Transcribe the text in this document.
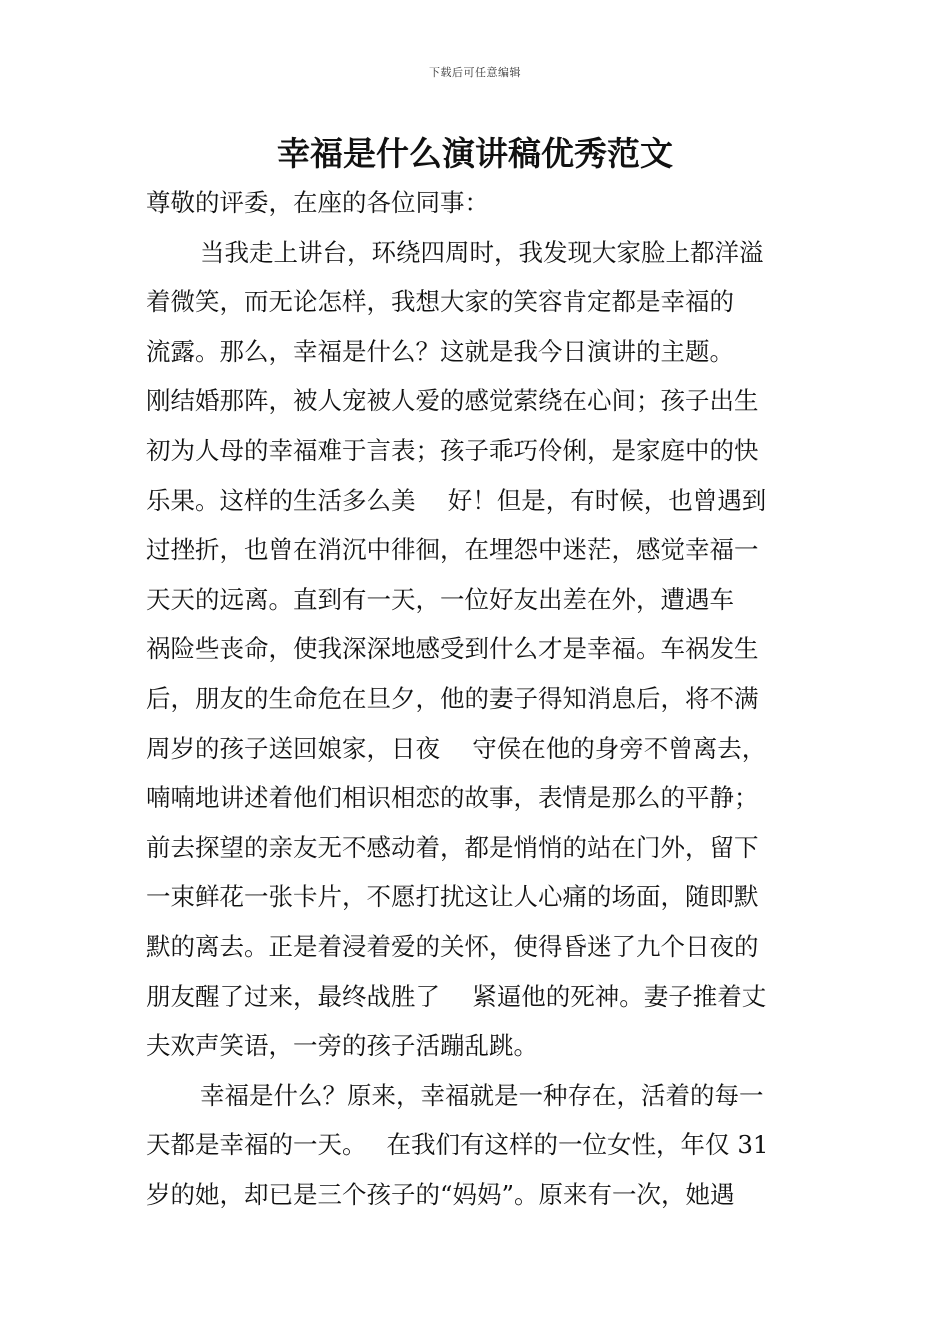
下载后可任意编辑
幸福是什么演讲稿优秀范文
尊敬的评委，在座的各位同事：
当我走上讲台，环绕四周时，我发现大家脸上都洋溢
着微笑，而无论怎样，我想大家的笑容肯定都是幸福的
流露。那么，幸福是什么？这就是我今日演讲的主题。
刚结婚那阵，被人宠被人爱的感觉萦绕在心间；孩子出生
初为人母的幸福难于言表；孩子乖巧伶俐，是家庭中的快
乐果。这样的生活多么美　 好！但是，有时候，也曾遇到
过挫折，也曾在消沉中徘徊，在埋怨中迷茫，感觉幸福一
天天的远离。直到有一天，一位好友出差在外，遭遇车
祸险些丧命，使我深深地感受到什么才是幸福。车祸发生
后，朋友的生命危在旦夕，他的妻子得知消息后，将不满
周岁的孩子送回娘家，日夜　 守侯在他的身旁不曾离去，
喃喃地讲述着他们相识相恋的故事，表情是那么的平静；
前去探望的亲友无不感动着，都是悄悄的站在门外，留下
一束鲜花一张卡片，不愿打扰这让人心痛的场面，随即默
默的离去。正是着浸着爱的关怀，使得昏迷了九个日夜的
朋友醒了过来，最终战胜了　 紧逼他的死神。妻子推着丈
夫欢声笑语，一旁的孩子活蹦乱跳。
幸福是什么？原来，幸福就是一种存在，活着的每一
天都是幸福的一天。　 在我们有这样的一位女性，年仅 31
岁的她，却已是三个孩子的“妈妈”。原来有一次，她遇
